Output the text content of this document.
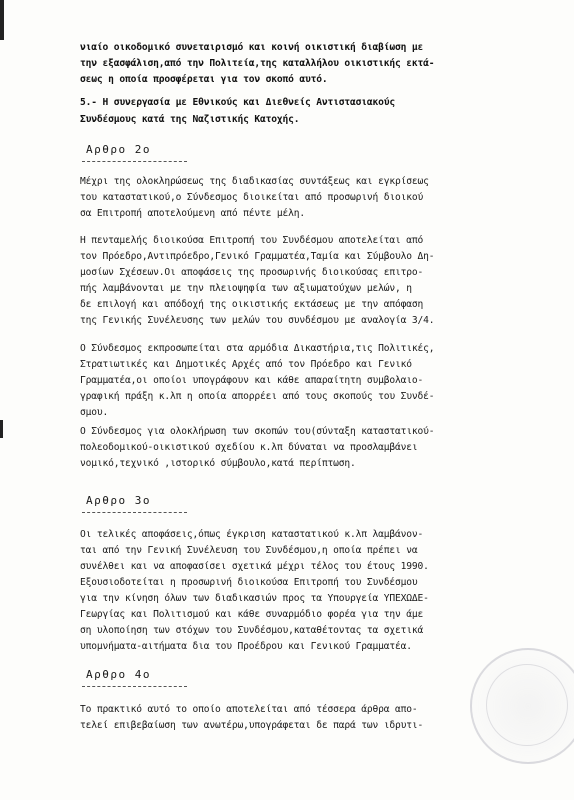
νιαίο οικοδομικό συνεταιρισμό και κοινή οικιστική διαβίωση με
την εξασφάλιση,από την Πολιτεία,της καταλλήλου οικιστικής εκτά-
σεως η οποία προσφέρεται για τον σκοπό αυτό.
5.- Η συνεργασία με Εθνικούς και Διεθνείς Αντιστασιακούς
Συνδέσμους κατά της Ναζιστικής Κατοχής.
Αρθρο 2ο
Μέχρι της ολοκληρώσεως της διαδικασίας συντάξεως και εγκρίσεως
του καταστατικού,ο Σύνδεσμος διοικείται από προσωρινή διοικού
σα Επιτροπή αποτελούμενη από πέντε μέλη.
Η πενταμελής διοικούσα Επιτροπή του Συνδέσμου αποτελείται από
τον Πρόεδρο,Αντιπρόεδρο,Γενικό Γραμματέα,Ταμία και Σύμβουλο Δη-
μοσίων Σχέσεων.Οι αποφάσεις της προσωρινής διοικούσας επιτρο-
πής λαμβάνονται με την πλειοψηφία των αξιωματούχων μελών, η
δε επιλογή και απόδοχή της οικιστικής εκτάσεως με την απόφαση
της Γενικής Συνέλευσης των μελών του συνδέσμου με αναλογία 3/4.
Ο Σύνδεσμος εκπροσωπείται στα αρμόδια Δικαστήρια,τις Πολιτικές,
Στρατιωτικές και Δημοτικές Αρχές από τον Πρόεδρο και Γενικό
Γραμματέα,οι οποίοι υπογράφουν και κάθε απαραίτητη συμβολαιο-
γραφική πράξη κ.λπ η οποία απορρέει από τους σκοπούς του Συνδέ-
σμου.
Ο Σύνδεσμος για ολοκλήρωση των σκοπών του(σύνταξη καταστατικού-
πολεοδομικού-οικιστικού σχεδίου κ.λπ δύναται να προσλαμβάνει
νομικό,τεχνικό ,ιστορικό σύμβουλο,κατά περίπτωση.
Αρθρο 3ο
Οι τελικές αποφάσεις,όπως έγκριση καταστατικού κ.λπ λαμβάνον-
ται από την Γενική Συνέλευση του Συνδέσμου,η οποία πρέπει να
συνέλθει και να αποφασίσει σχετικά μέχρι τέλος του έτους 1990.
Εξουσιοδοτείται η προσωρινή διοικούσα Επιτροπή του Συνδέσμου
για την κίνηση όλων των διαδικασιών προς τα Υπουργεία ΥΠΕΧΩΔΕ-
Γεωργίας και Πολιτισμού και κάθε συναρμόδιο φορέα για την άμε
ση υλοποίηση των στόχων του Συνδέσμου,καταθέτοντας τα σχετικά
υπομνήματα-αιτήματα δια του Προέδρου και Γενικού Γραμματέα.
Αρθρο 4ο
Το πρακτικό αυτό το οποίο αποτελείται από τέσσερα άρθρα απο-
τελεί επιβεβαίωση των ανωτέρω,υπογράφεται δε παρά των ιδρυτι-
